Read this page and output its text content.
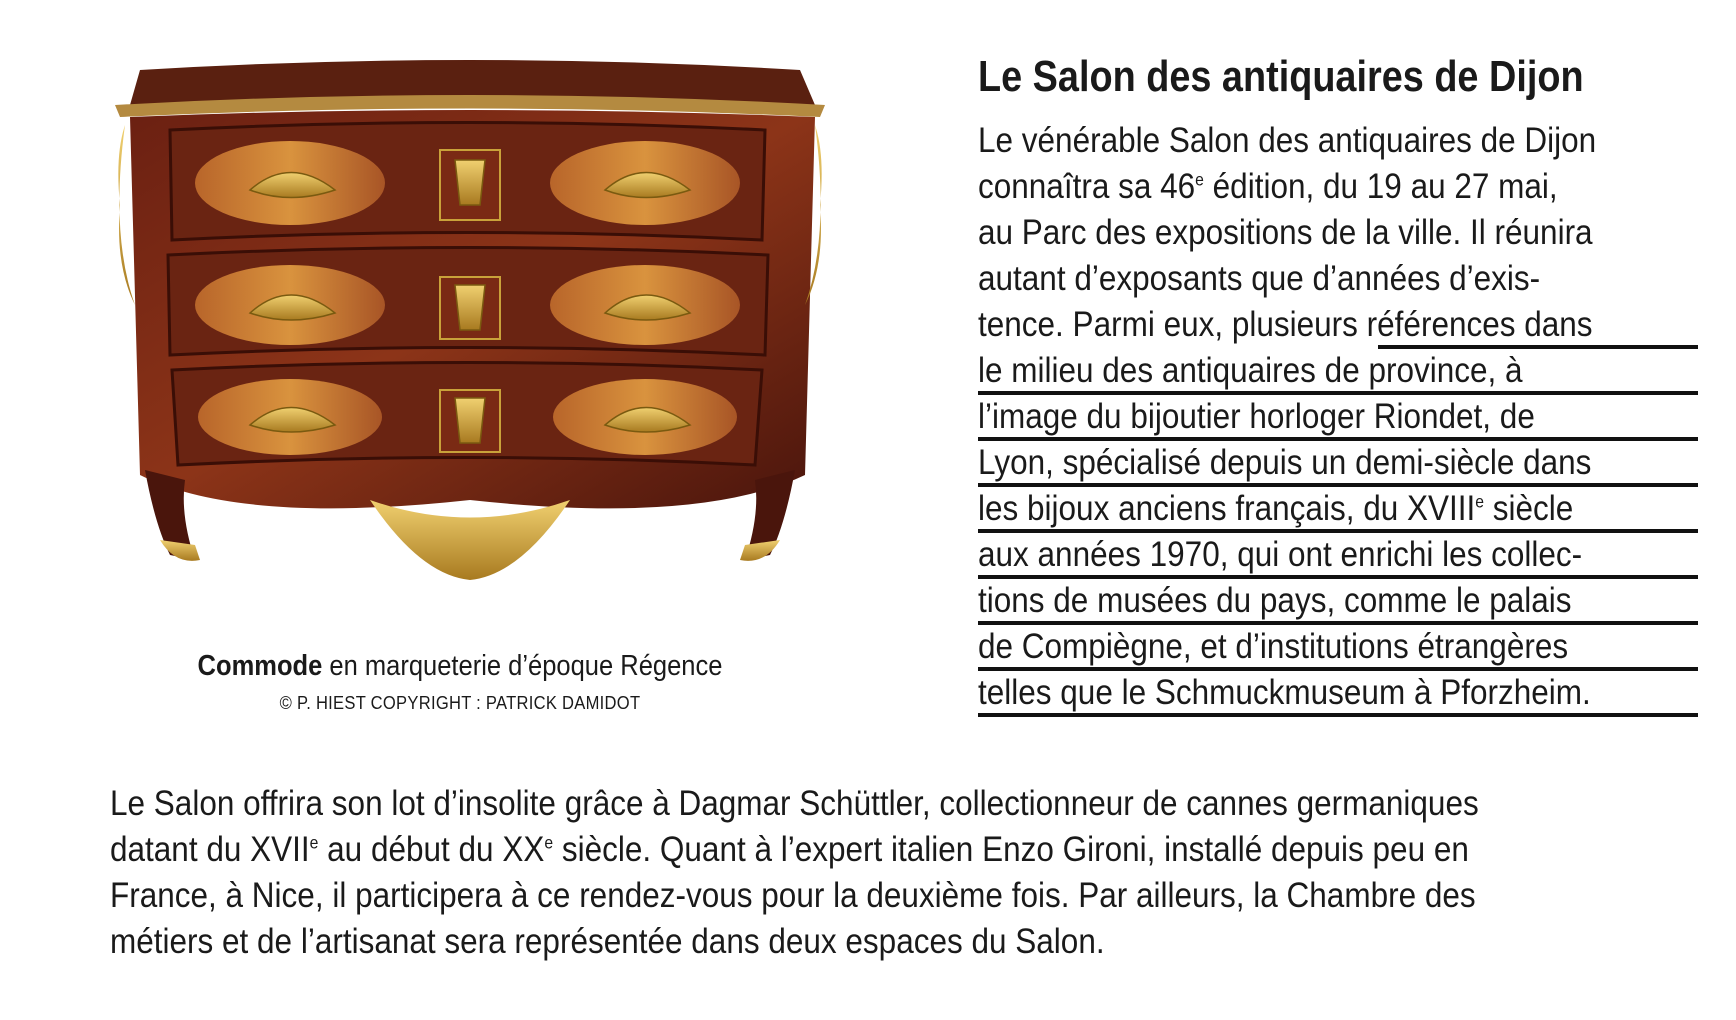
Commode en marqueterie d’époque Régence
© P. HIEST COPYRIGHT : PATRICK DAMIDOT
Le Salon des antiquaires de Dijon
Le vénérable Salon des antiquaires de Dijon
connaîtra sa 46e édition, du 19 au 27 mai,
au Parc des expositions de la ville. Il réunira
autant d’exposants que d’années d’exis-
tence. Parmi eux, plusieurs références dans
le milieu des antiquaires de province, à
l’image du bijoutier horloger Riondet, de
Lyon, spécialisé depuis un demi-siècle dans
les bijoux anciens français, du XVIIIe siècle
aux années 1970, qui ont enrichi les collec-
tions de musées du pays, comme le palais
de Compiègne, et d’institutions étrangères
telles que le Schmuckmuseum à Pforzheim.
Le Salon offrira son lot d’insolite grâce à Dagmar Schüttler, collectionneur de cannes germaniques
datant du XVIIe au début du XXe siècle. Quant à l’expert italien Enzo Gironi, installé depuis peu en
France, à Nice, il participera à ce rendez-vous pour la deuxième fois. Par ailleurs, la Chambre des
métiers et de l’artisanat sera représentée dans deux espaces du Salon.
